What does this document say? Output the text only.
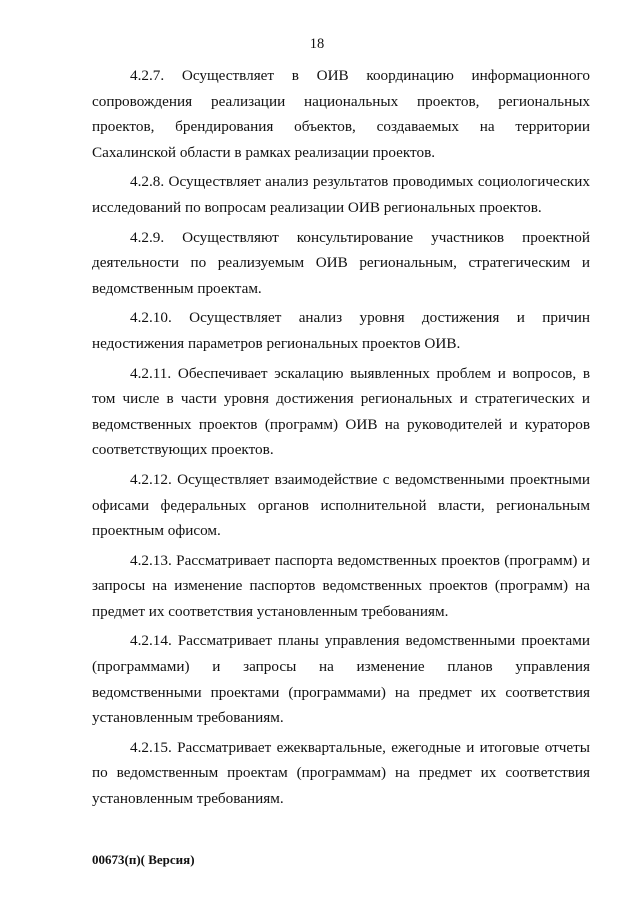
18

4.2.7. Осуществляет в ОИВ координацию информационного сопровождения реализации национальных проектов, региональных проектов, брендирования объектов, создаваемых на территории Сахалинской области в рамках реализации проектов.

4.2.8. Осуществляет анализ результатов проводимых социологических исследований по вопросам реализации ОИВ региональных проектов.

4.2.9. Осуществляют консультирование участников проектной деятельности по реализуемым ОИВ региональным, стратегическим и ведомственным проектам.

4.2.10. Осуществляет анализ уровня достижения и причин недостижения параметров региональных проектов ОИВ.

4.2.11. Обеспечивает эскалацию выявленных проблем и вопросов, в том числе в части уровня достижения региональных и стратегических и ведомственных проектов (программ) ОИВ на руководителей и кураторов соответствующих проектов.

4.2.12. Осуществляет взаимодействие с ведомственными проектными офисами федеральных органов исполнительной власти, региональным проектным офисом.

4.2.13. Рассматривает паспорта ведомственных проектов (программ) и запросы на изменение паспортов ведомственных проектов (программ) на предмет их соответствия установленным требованиям.

4.2.14. Рассматривает планы управления ведомственными проектами (программами) и запросы на изменение планов управления ведомственными проектами (программами) на предмет их соответствия установленным требованиям.

4.2.15. Рассматривает ежеквартальные, ежегодные и итоговые отчеты по ведомственным проектам (программам) на предмет их соответствия установленным требованиям.

00673(п)( Версия)
